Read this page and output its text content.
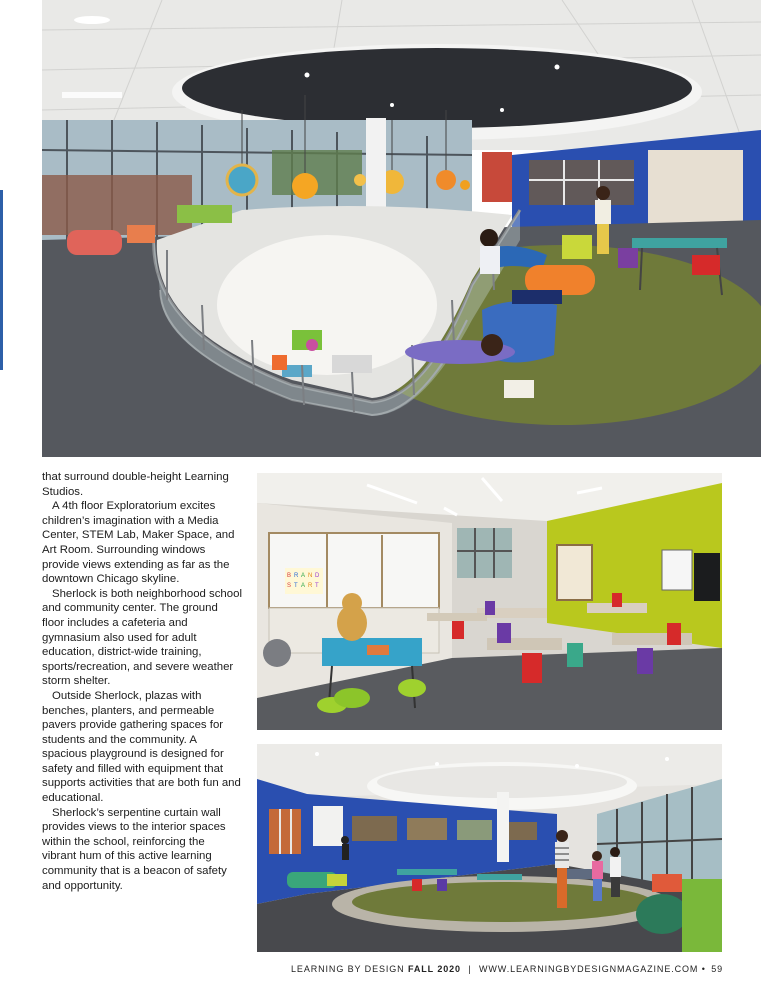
B R A N D
S T A R T

that surround double-height Learning Studios.

A 4th floor Exploratorium excites children’s imagination with a Media Center, STEM Lab, Maker Space, and Art Room. Surrounding windows provide views extending as far as the downtown Chicago skyline.

Sherlock is both neighborhood school and community center. The ground floor includes a cafeteria and gymnasium also used for adult education, district-wide training, sports/recreation, and severe weather storm shelter.

Outside Sherlock, plazas with benches, planters, and permeable pavers provide gathering spaces for students and the community. A spacious playground is designed for safety and filled with equipment that supports activities that are both fun and educational.

Sherlock’s serpentine curtain wall provides views to the interior spaces within the school, reinforcing the vibrant hum of this active learning community that is a beacon of safety and opportunity.

LEARNING BY DESIGN FALL 2020 | WWW.LEARNINGBYDESIGNMAGAZINE.COM • 59
